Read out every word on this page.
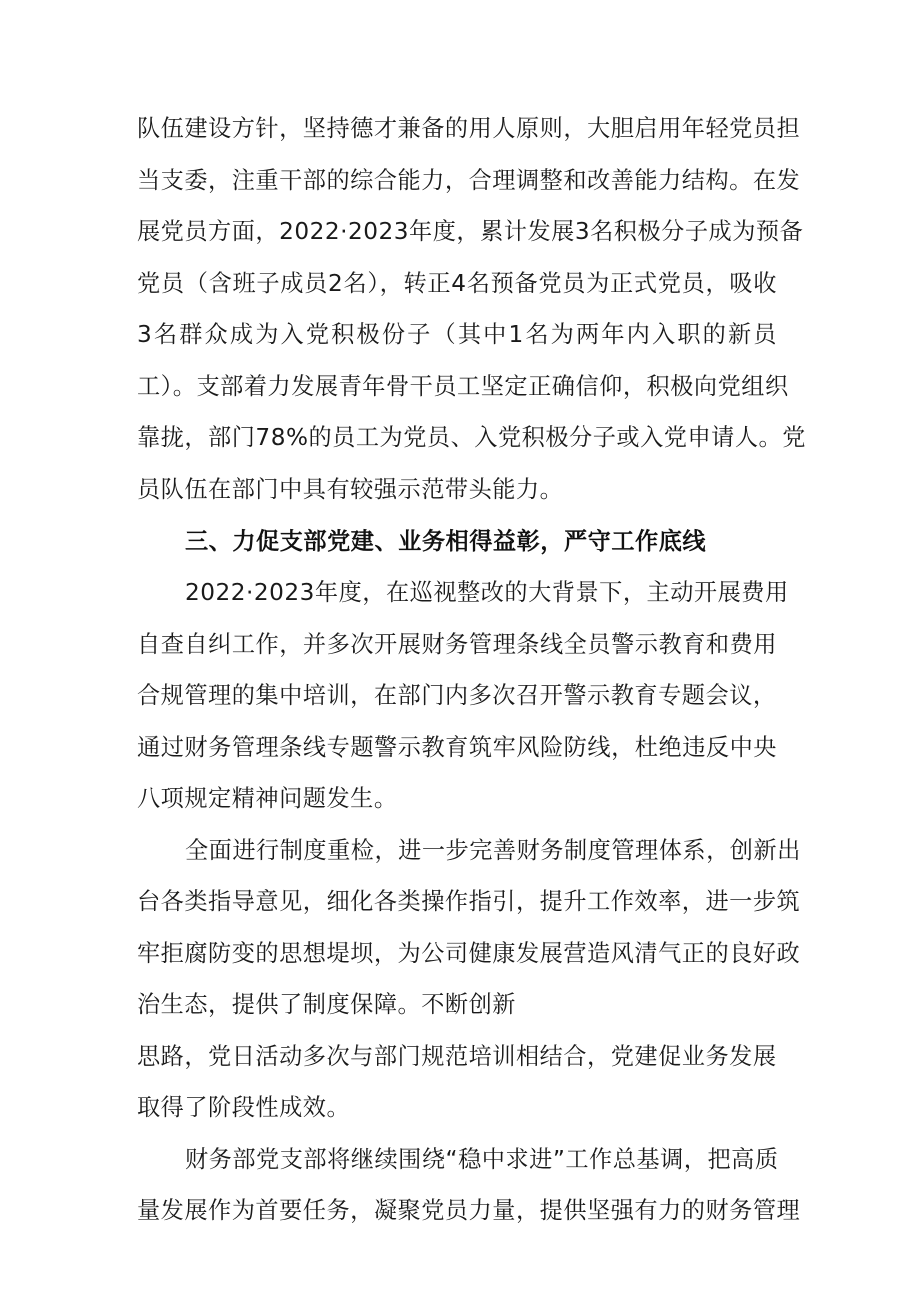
队伍建设方针，坚持德才兼备的用人原则，大胆启用年轻党员担

当支委，注重干部的综合能力，合理调整和改善能力结构。在发

展党员方面，2022·2023年度，累计发展3名积极分子成为预备

党员（含班子成员2名），转正4名预备党员为正式党员，吸收

3名群众成为入党积极份子（其中1名为两年内入职的新员

工）。支部着力发展青年骨干员工坚定正确信仰，积极向党组织

靠拢，部门78%的员工为党员、入党积极分子或入党申请人。党

员队伍在部门中具有较强示范带头能力。

三、力促支部党建、业务相得益彰，严守工作底线

2022·2023年度，在巡视整改的大背景下，主动开展费用

自查自纠工作，并多次开展财务管理条线全员警示教育和费用

合规管理的集中培训，在部门内多次召开警示教育专题会议，

通过财务管理条线专题警示教育筑牢风险防线，杜绝违反中央

八项规定精神问题发生。

全面进行制度重检，进一步完善财务制度管理体系，创新出

台各类指导意见，细化各类操作指引，提升工作效率，进一步筑

牢拒腐防变的思想堤坝，为公司健康发展营造风清气正的良好政

治生态，提供了制度保障。不断创新

思路，党日活动多次与部门规范培训相结合，党建促业务发展

取得了阶段性成效。

财务部党支部将继续围绕“稳中求进”工作总基调，把高质

量发展作为首要任务，凝聚党员力量，提供坚强有力的财务管理
